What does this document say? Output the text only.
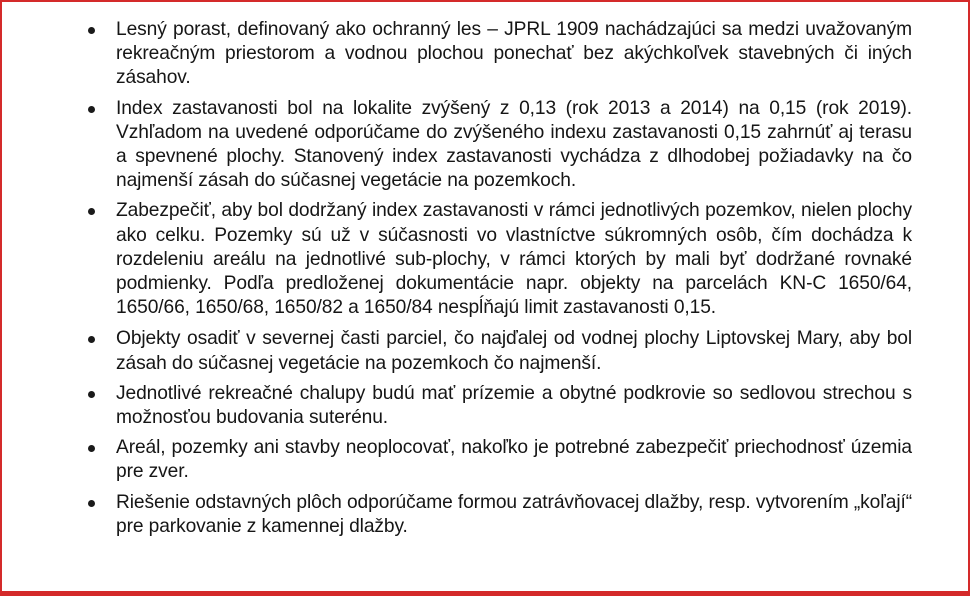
Lesný porast, definovaný ako ochranný les – JPRL 1909 nachádzajúci sa medzi uvažovaným rekreačným priestorom a vodnou plochou ponechať bez akýchkoľvek stavebných či iných zásahov.
Index zastavanosti bol na lokalite zvýšený z 0,13 (rok 2013 a 2014) na 0,15 (rok 2019). Vzhľadom na uvedené odporúčame do zvýšeného indexu zastavanosti 0,15 zahrnúť aj terasu a spevnené plochy. Stanovený index zastavanosti vychádza z dlhodobej požiadavky na čo najmenší zásah do súčasnej vegetácie na pozemkoch.
Zabezpečiť, aby bol dodržaný index zastavanosti v rámci jednotlivých pozemkov, nielen plochy ako celku. Pozemky sú už v súčasnosti vo vlastníctve súkromných osôb, čím dochádza k rozdeleniu areálu na jednotlivé sub-plochy, v rámci ktorých by mali byť dodržané rovnaké podmienky. Podľa predloženej dokumentácie napr. objekty na parcelách KN-C 1650/64, 1650/66, 1650/68, 1650/82 a 1650/84 nespĺňajú limit zastavanosti 0,15.
Objekty osadiť v severnej časti parciel, čo najďalej od vodnej plochy Liptovskej Mary, aby bol zásah do súčasnej vegetácie na pozemkoch čo najmenší.
Jednotlivé rekreačné chalupy budú mať prízemie a obytné podkrovie so sedlovou strechou s možnosťou budovania suterénu.
Areál, pozemky ani stavby neoplocovať, nakoľko je potrebné zabezpečiť priechodnosť územia pre zver.
Riešenie odstavných plôch odporúčame formou zatrávňovacej dlažby, resp. vytvorením „koľají“ pre parkovanie z kamennej dlažby.
